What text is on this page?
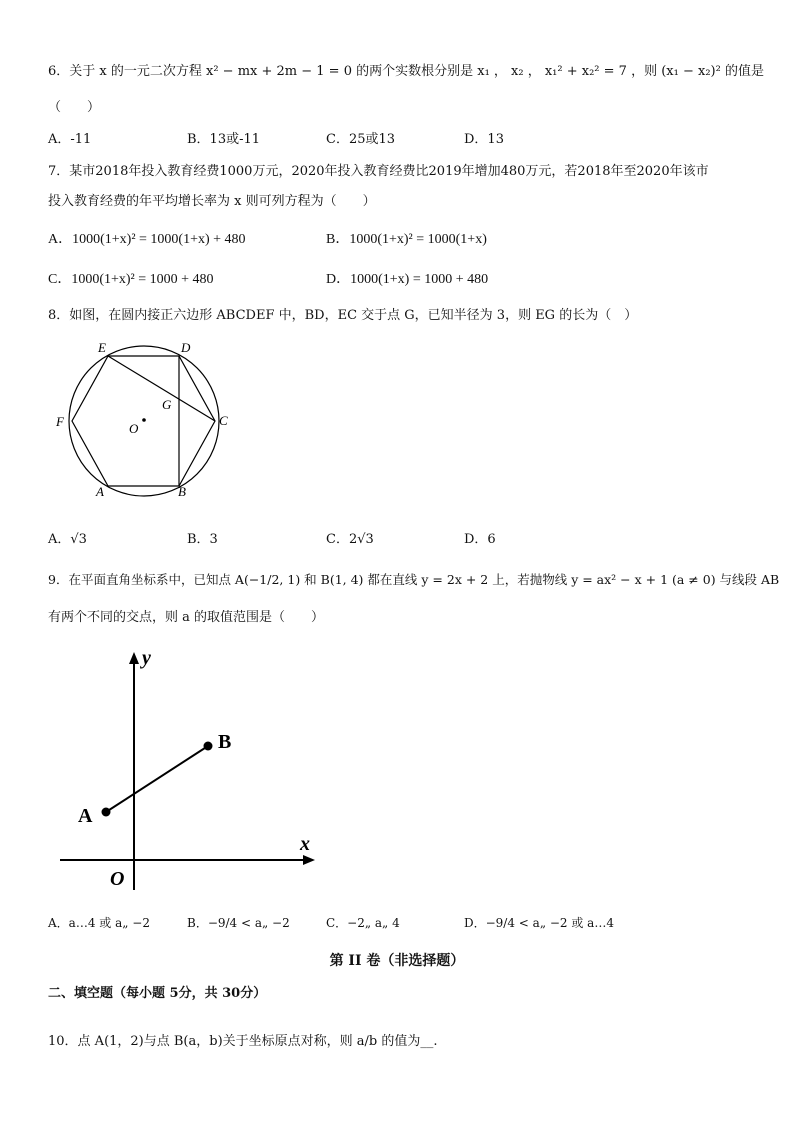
6．关于 x 的一元二次方程 x² − mx + 2m − 1 = 0 的两个实数根分别是 x₁ ， x₂ ， x₁² + x₂² = 7 ，则 (x₁ − x₂)² 的值是
（　　）
A．-11	B．13或-11	C．25或13	D．13
7．某市2018年投入教育经费1000万元，2020年投入教育经费比2019年增加480万元，若2018年至2020年该市
投入教育经费的年平均增长率为 x 则可列方程为（　　）
A．1000(1+x)² = 1000(1+x) + 480	B．1000(1+x)² = 1000(1+x)
C．1000(1+x)² = 1000 + 480	D．1000(1+x) = 1000 + 480
8．如图，在圆内接正六边形 ABCDEF 中，BD，EC 交于点 G，已知半径为 3，则 EG 的长为（　）
E	D
F	C
A	B
G
O
A．√3	B．3	C．2√3	D．6
9．在平面直角坐标系中，已知点 A(−1/2, 1) 和 B(1, 4) 都在直线 y = 2x + 2 上，若抛物线 y = ax² − x + 1 (a ≠ 0) 与线段 AB
有两个不同的交点，则 a 的取值范围是（　　）
y
x
O
A
B
A．a…4 或 a„ −2	B．−9/4 < a„ −2	C．−2„ a„ 4	D．−9/4 < a„ −2 或 a…4
第 II 卷（非选择题）
二、填空题（每小题 5分，共 30分）
10．点 A(1，2)与点 B(a，b)关于坐标原点对称，则 a/b 的值为__.
